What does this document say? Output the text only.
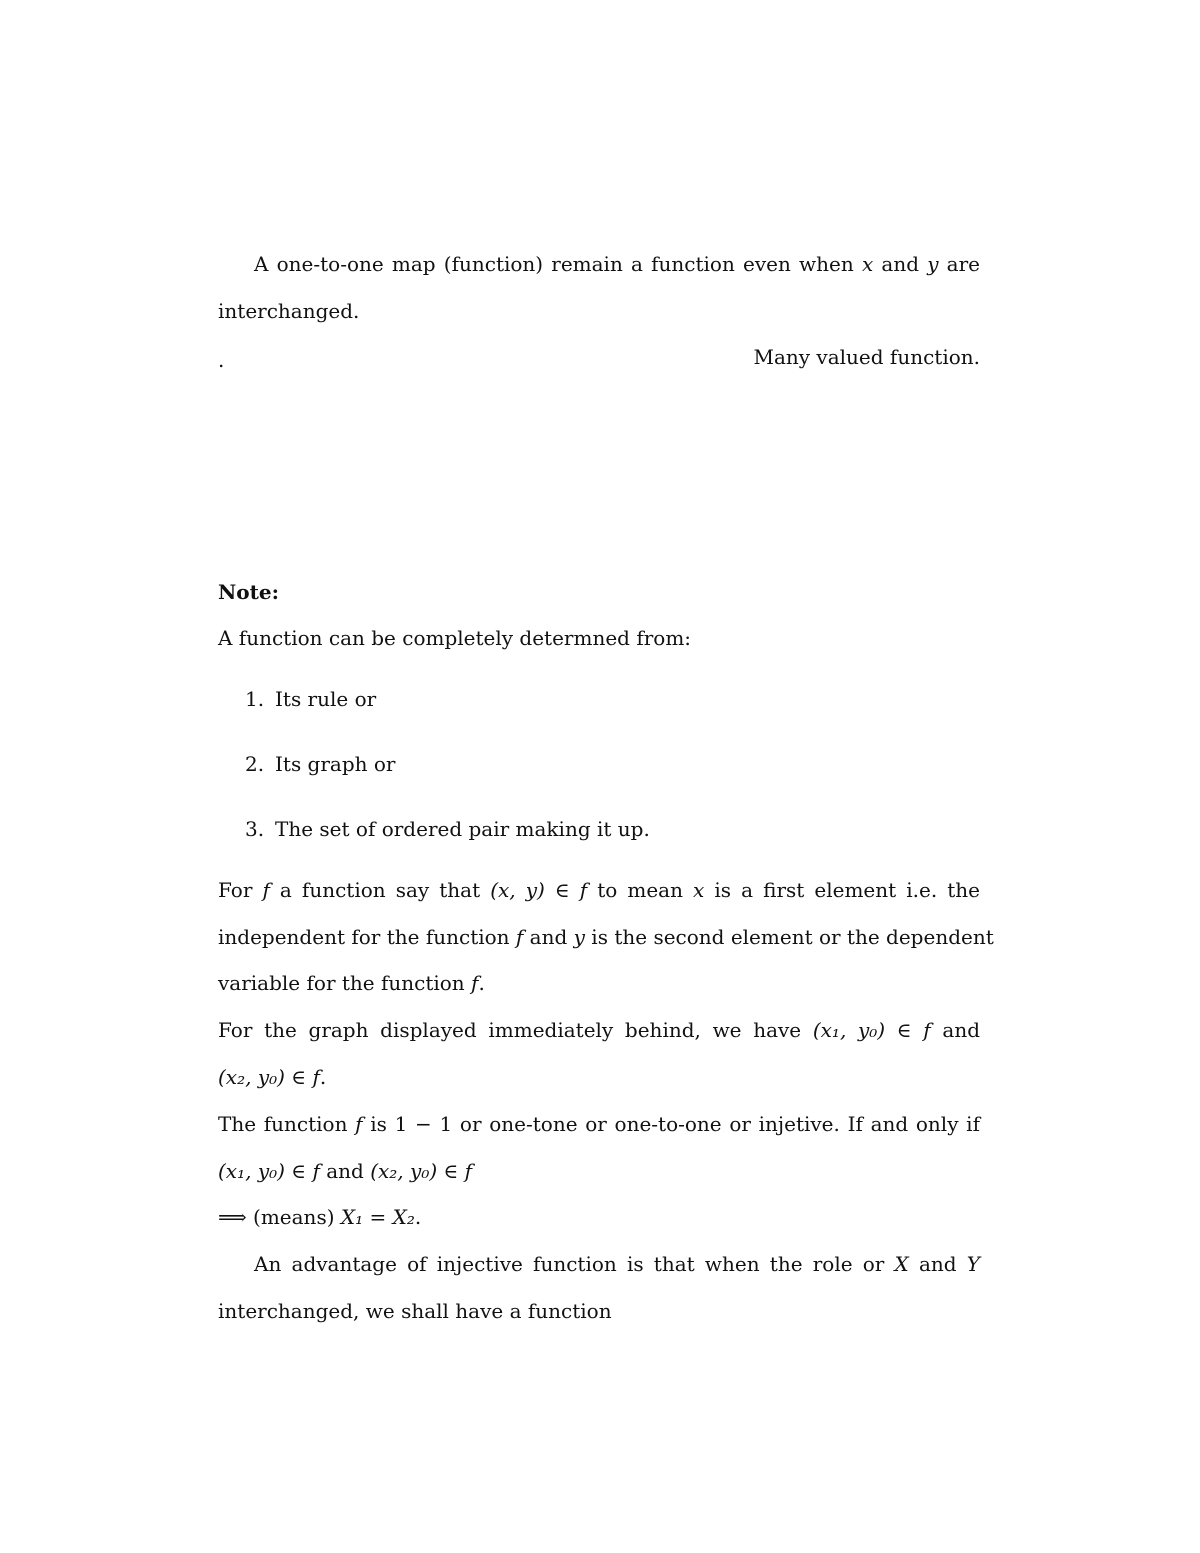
A one-to-one map (function) remain a function even when x and y are
interchanged.
.	Many valued function.
Note:
A function can be completely determned from:
1. Its rule or
2. Its graph or
3. The set of ordered pair making it up.
For f a function say that (x, y) ∈ f to mean x is a first element i.e. the
independent for the function f and y is the second element or the dependent
variable for the function f.
For the graph displayed immediately behind, we have (x₁, y₀) ∈ f and
(x₂, y₀) ∈ f.
The function f is 1 − 1 or one-tone or one-to-one or injetive. If and only if
(x₁, y₀) ∈ f and (x₂, y₀) ∈ f
⟹ (means) X₁ = X₂.
An advantage of injective function is that when the role or X and Y
interchanged, we shall have a function
